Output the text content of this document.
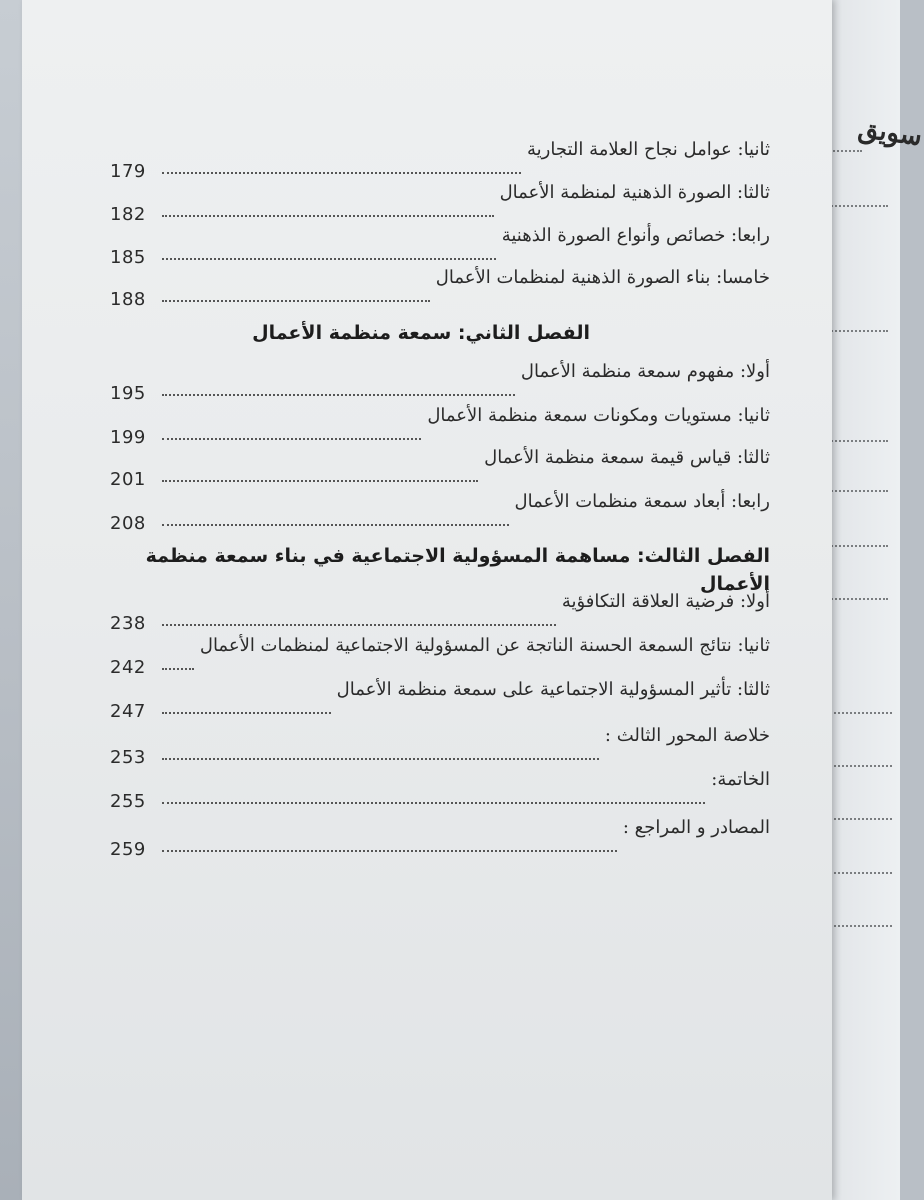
سويق
ثانيا: عوامل نجاح العلامة التجارية
179
ثالثا: الصورة الذهنية لمنظمة الأعمال
182
رابعا: خصائص وأنواع الصورة الذهنية
185
خامسا: بناء الصورة الذهنية لمنظمات الأعمال
188
الفصل الثاني: سمعة منظمة الأعمال
أولا: مفهوم سمعة منظمة الأعمال
195
ثانيا: مستويات ومكونات سمعة منظمة الأعمال
199
ثالثا: قياس قيمة سمعة منظمة الأعمال
201
رابعا: أبعاد سمعة منظمات الأعمال
208
الفصل الثالث: مساهمة المسؤولية الاجتماعية في بناء سمعة منظمة الأعمال
أولا: فرضية العلاقة التكافؤية
238
ثانيا: نتائج السمعة الحسنة الناتجة عن المسؤولية الاجتماعية لمنظمات الأعمال
242
ثالثا: تأثير المسؤولية الاجتماعية على سمعة منظمة الأعمال
247
خلاصة المحور الثالث :
253
الخاتمة:
255
المصادر و المراجع :
259
